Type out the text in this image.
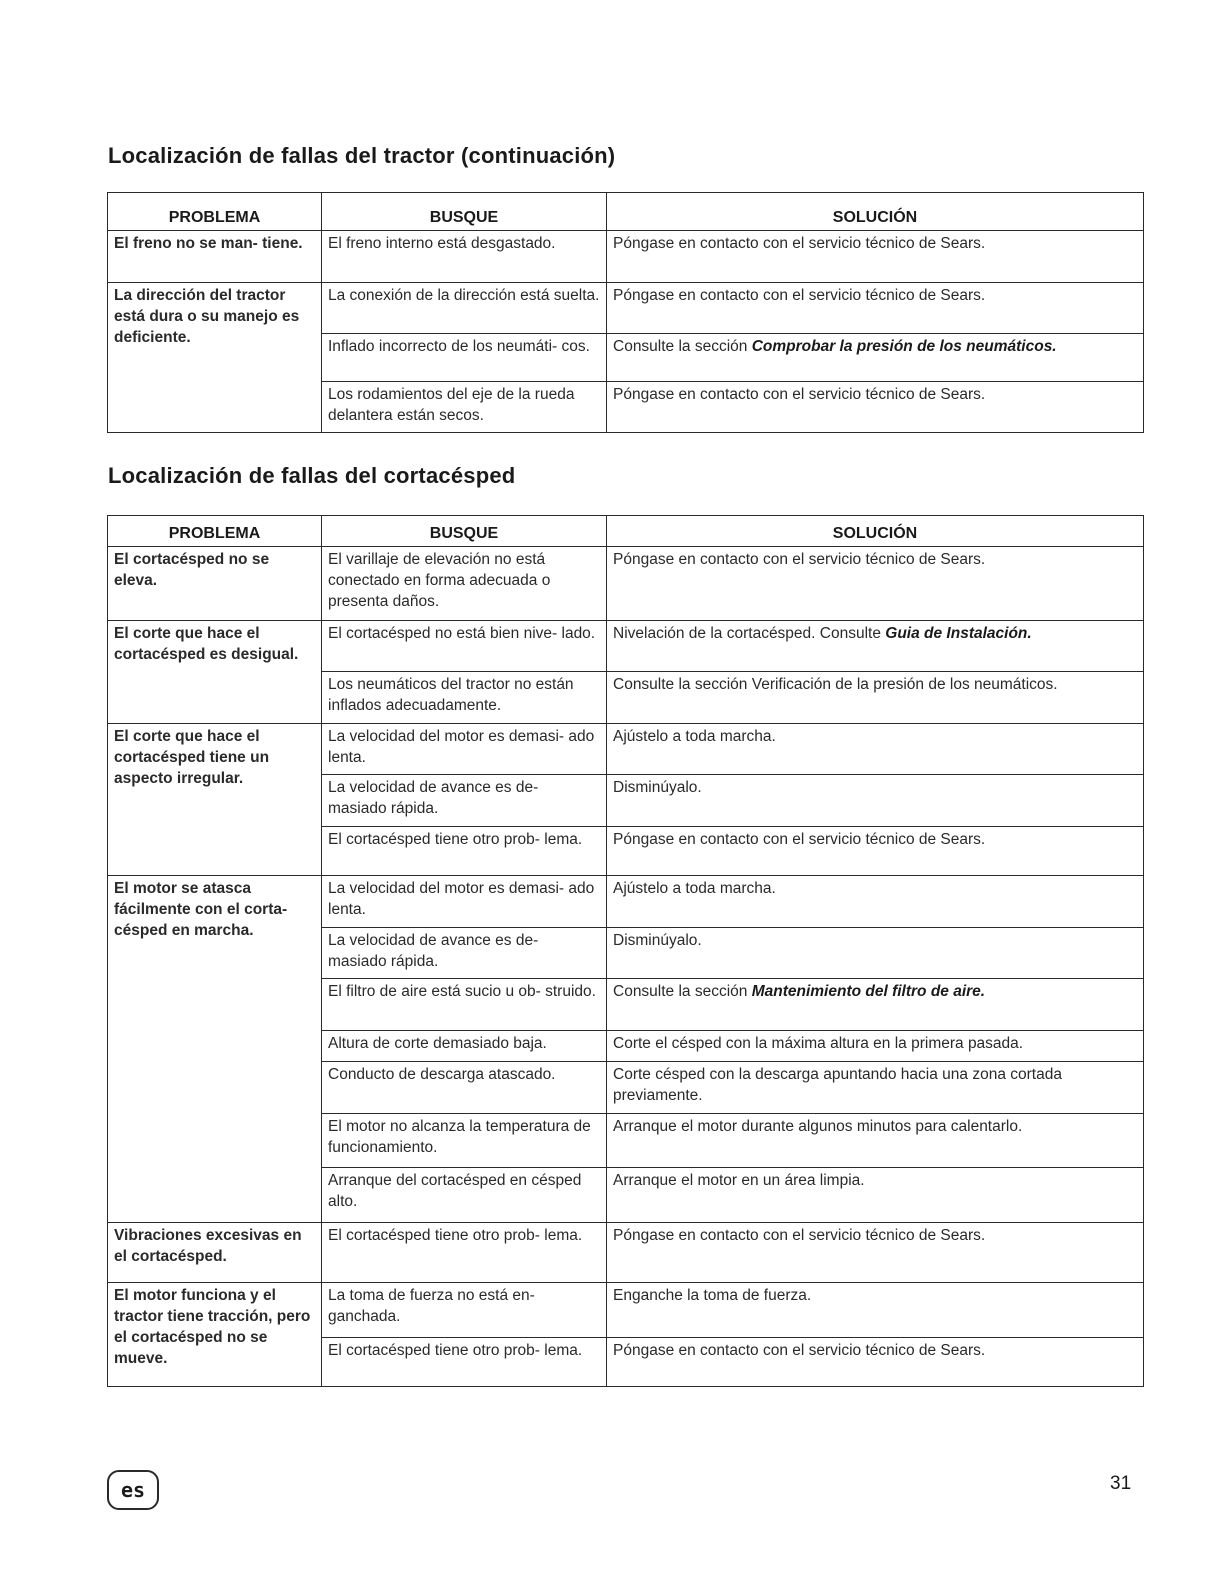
Localización de fallas del tractor (continuación)
PROBLEMA	BUSQUE	SOLUCIÓN
El freno no se man- tiene.	El freno interno está desgastado.	Póngase en contacto con el servicio técnico de Sears.
La dirección del tractor está dura o su manejo es deficiente.	La conexión de la dirección está suelta.	Póngase en contacto con el servicio técnico de Sears.
	Inflado incorrecto de los neumáti- cos.	Consulte la sección Comprobar la presión de los neumáticos.
	Los rodamientos del eje de la rueda delantera están secos.	Póngase en contacto con el servicio técnico de Sears.
Localización de fallas del cortacésped
PROBLEMA	BUSQUE	SOLUCIÓN
El cortacésped no se eleva.	El varillaje de elevación no está conectado en forma adecuada o presenta daños.	Póngase en contacto con el servicio técnico de Sears.
El corte que hace el cortacésped es desigual.	El cortacésped no está bien nive- lado.	Nivelación de la cortacésped. Consulte Guia de Instalación.
	Los neumáticos del tractor no están inflados adecuadamente.	Consulte la sección Verificación de la presión de los neumáticos.
El corte que hace el cortacésped tiene un aspecto irregular.	La velocidad del motor es demasi- ado lenta.	Ajústelo a toda marcha.
	La velocidad de avance es de- masiado rápida.	Disminúyalo.
	El cortacésped tiene otro prob- lema.	Póngase en contacto con el servicio técnico de Sears.
El motor se atasca fácilmente con el corta- césped en marcha.	La velocidad del motor es demasi- ado lenta.	Ajústelo a toda marcha.
	La velocidad de avance es de- masiado rápida.	Disminúyalo.
	El filtro de aire está sucio u ob- struido.	Consulte la sección Mantenimiento del filtro de aire.
	Altura de corte demasiado baja.	Corte el césped con la máxima altura en la primera pasada.
	Conducto de descarga atascado.	Corte césped con la descarga apuntando hacia una zona cortada previamente.
	El motor no alcanza la temperatura de funcionamiento.	Arranque el motor durante algunos minutos para calentarlo.
	Arranque del cortacésped en césped alto.	Arranque el motor en un área limpia.
Vibraciones excesivas en el cortacésped.	El cortacésped tiene otro prob- lema.	Póngase en contacto con el servicio técnico de Sears.
El motor funciona y el tractor tiene tracción, pero el cortacésped no se mueve.	La toma de fuerza no está en- ganchada.	Enganche la toma de fuerza.
	El cortacésped tiene otro prob- lema.	Póngase en contacto con el servicio técnico de Sears.
es	31
